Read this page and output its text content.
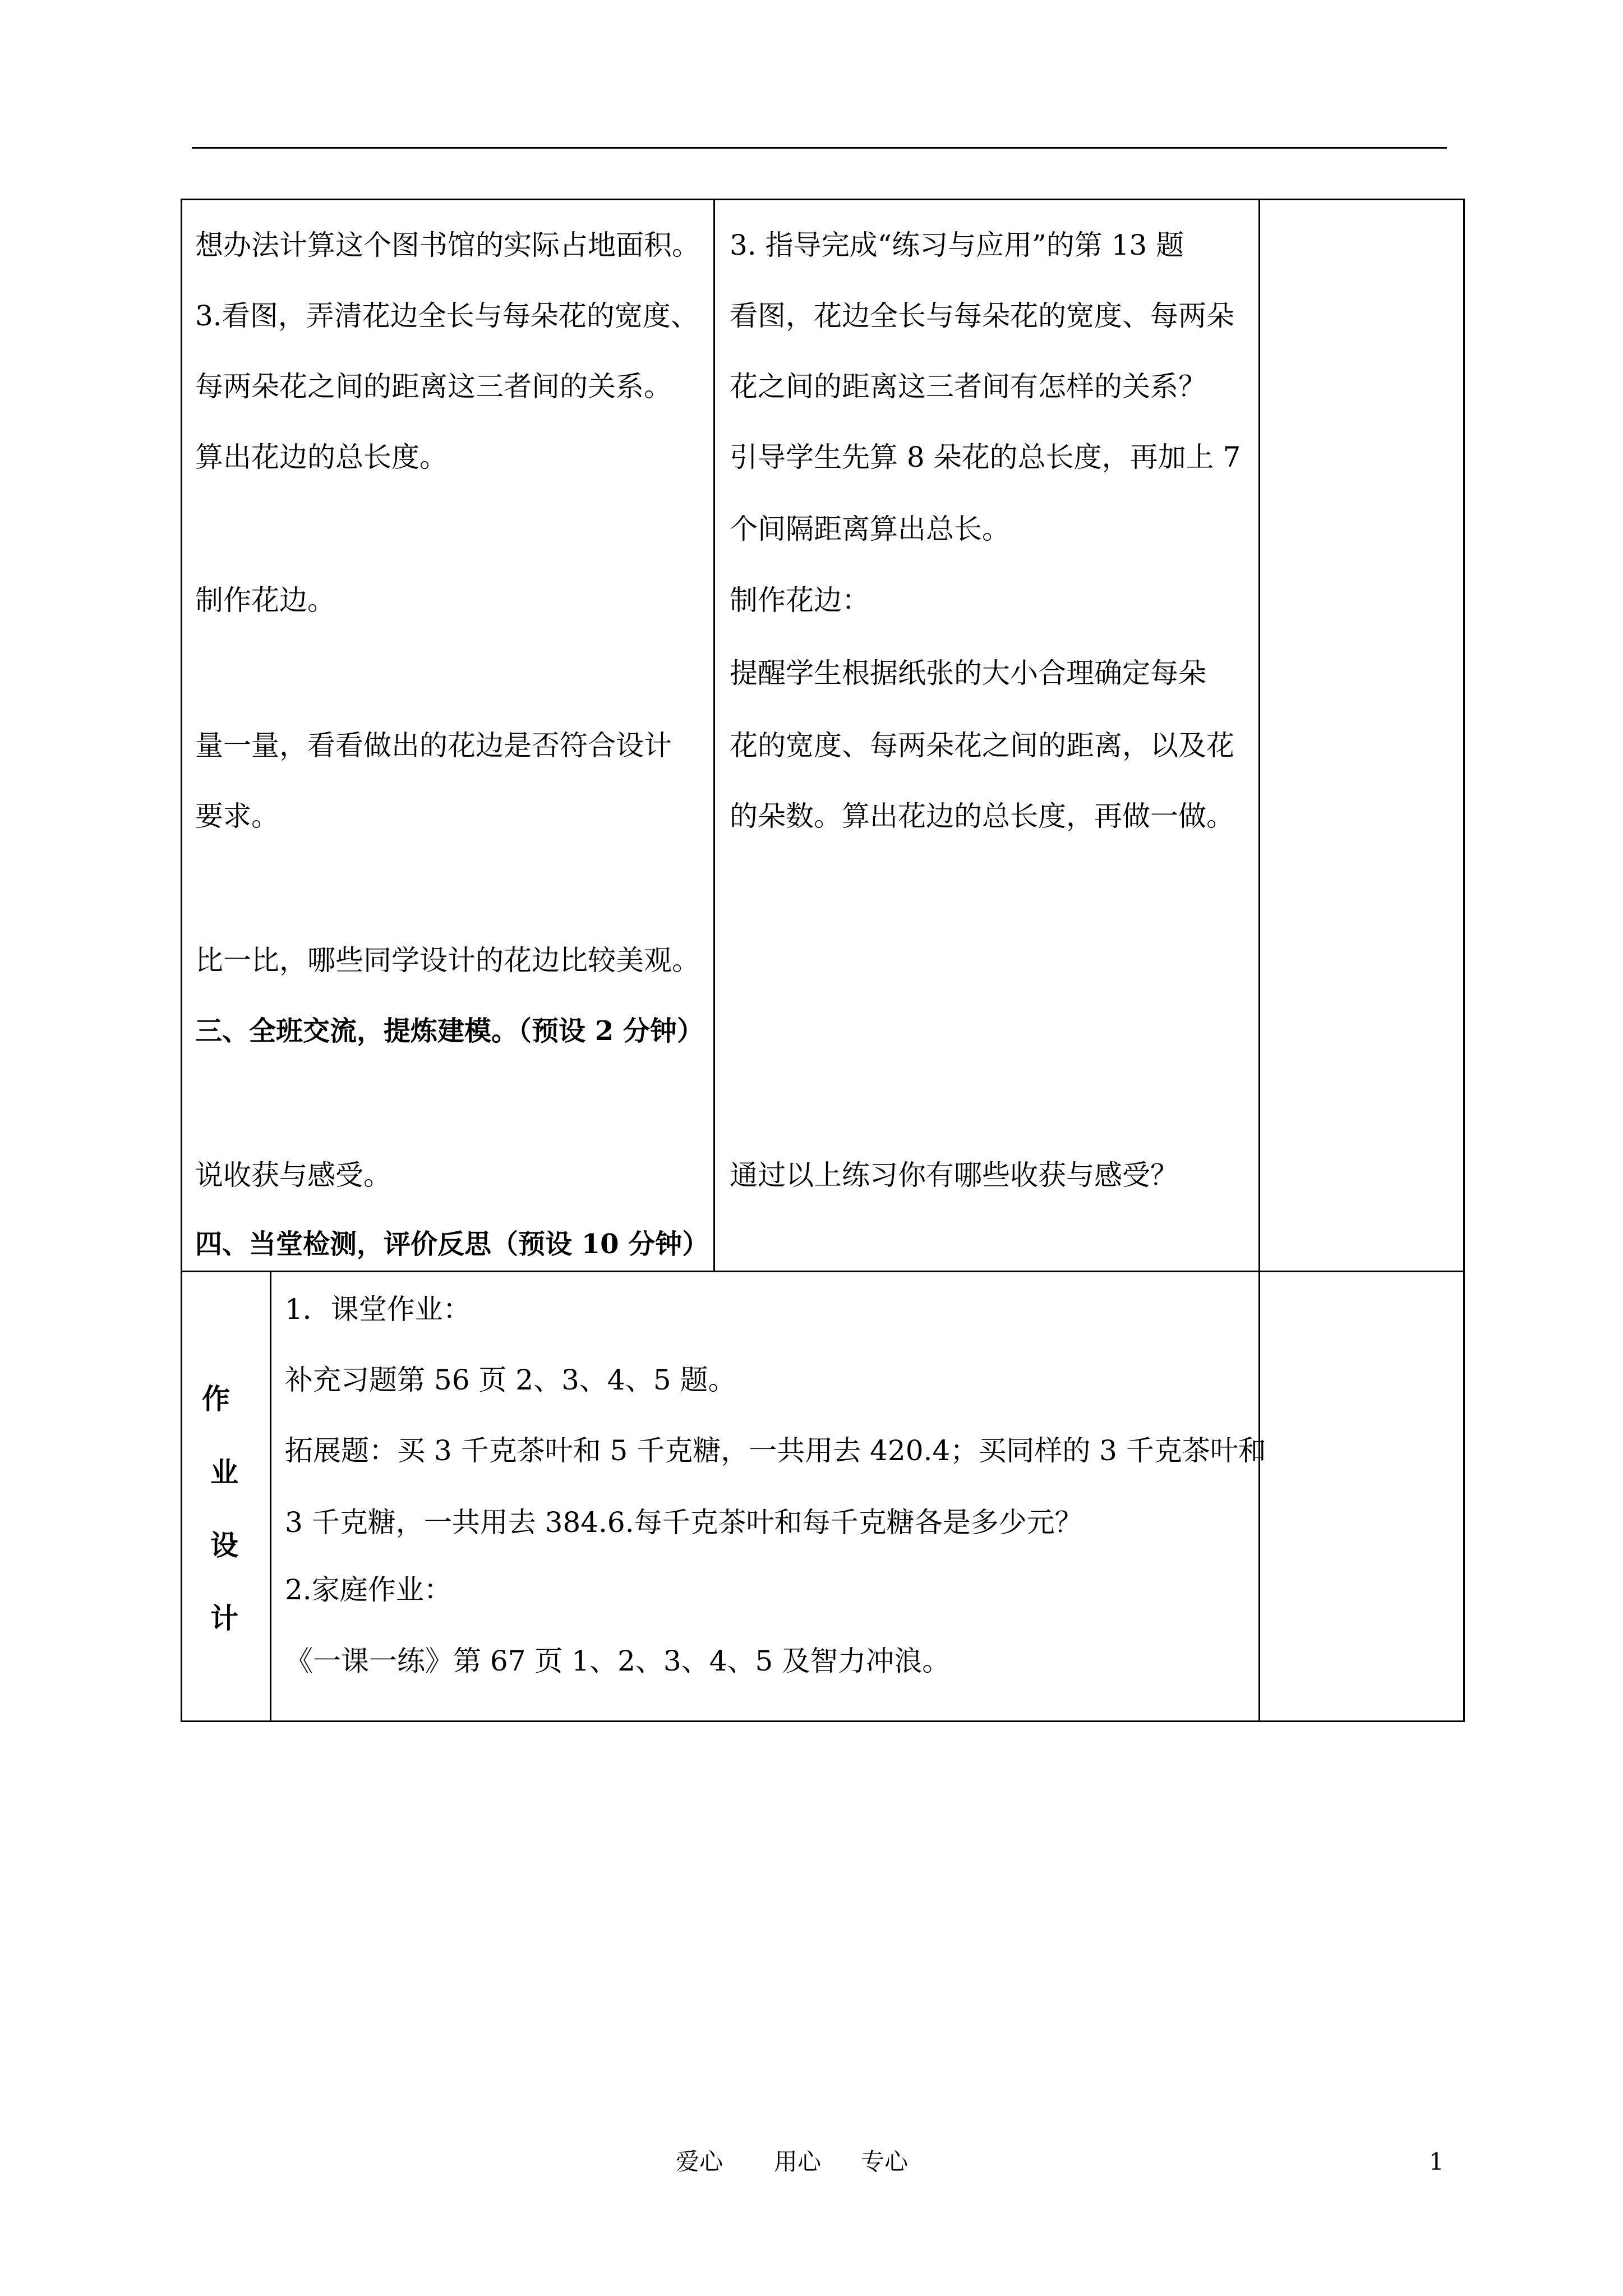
想办法计算这个图书馆的实际占地面积。
3.看图，弄清花边全长与每朵花的宽度、
每两朵花之间的距离这三者间的关系。
算出花边的总长度。
制作花边。
量一量，看看做出的花边是否符合设计
要求。
比一比，哪些同学设计的花边比较美观。
三、全班交流，提炼建模。（预设 2 分钟）
说收获与感受。
四、当堂检测，评价反思（预设 10 分钟）
3. 指导完成“练习与应用”的第 13 题
看图，花边全长与每朵花的宽度、每两朵
花之间的距离这三者间有怎样的关系？
引导学生先算 8 朵花的总长度，再加上 7
个间隔距离算出总长。
制作花边：
提醒学生根据纸张的大小合理确定每朵
花的宽度、每两朵花之间的距离，以及花
的朵数。算出花边的总长度，再做一做。
通过以上练习你有哪些收获与感受？
作
业
设
计
1．课堂作业：
补充习题第 56 页 2、3、4、5 题。
拓展题：买 3 千克茶叶和 5 千克糖，一共用去 420.4；买同样的 3 千克茶叶和
3 千克糖，一共用去 384.6.每千克茶叶和每千克糖各是多少元？
2.家庭作业：
《一课一练》第 67 页 1、2、3、4、5 及智力冲浪。
爱心 用心 专心	1
